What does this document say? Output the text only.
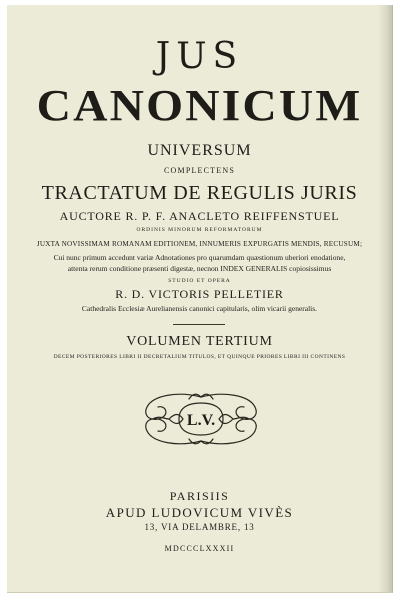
JUS
CANONICUM
UNIVERSUM
COMPLECTENS
TRACTATUM DE REGULIS JURIS
AUCTORE R. P. F. ANACLETO REIFFENSTUEL
ORDINIS MINORUM REFORMATORUM
JUXTA NOVISSIMAM ROMANAM EDITIONEM, INNUMERIS EXPURGATIS MENDIS, RECUSUM;
Cui nunc primum accedunt variæ Adnotationes pro quarumdam quæstionum uberiori enodatione,
attenta rerum conditione præsenti digestæ, necnon INDEX GENERALIS copiosissimus
STUDIO ET OPERA
R. D. VICTORIS PELLETIER
Cathedralis Ecclesiæ Aurelianensis canonici capitularis, olim vicarii generalis.
VOLUMEN TERTIUM
DECEM POSTERIORES LIBRI II DECRETALIUM TITULOS, ET QUINQUE PRIORES LIBRI III CONTINENS
L.V.
PARISIIS
APUD LUDOVICUM VIVÈS
13, VIA DELAMBRE, 13
MDCCCLXXXII
